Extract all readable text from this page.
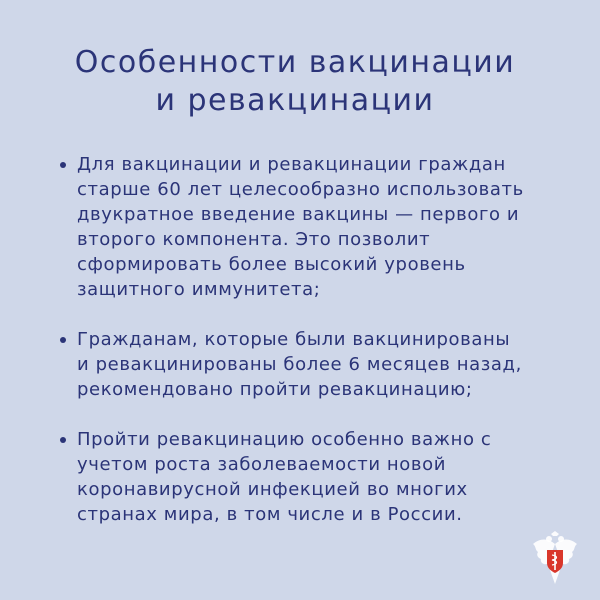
Особенности вакцинации
и ревакцинации
Для вакцинации и ревакцинации граждан
старше 60 лет целесообразно использовать
двукратное введение вакцины — первого и
второго компонента. Это позволит
сформировать более высокий уровень
защитного иммунитета;
Гражданам, которые были вакцинированы
и ревакцинированы более 6 месяцев назад,
рекомендовано пройти ревакцинацию;
Пройти ревакцинацию особенно важно с
учетом роста заболеваемости новой
коронавирусной инфекцией во многих
странах мира, в том числе и в России.
